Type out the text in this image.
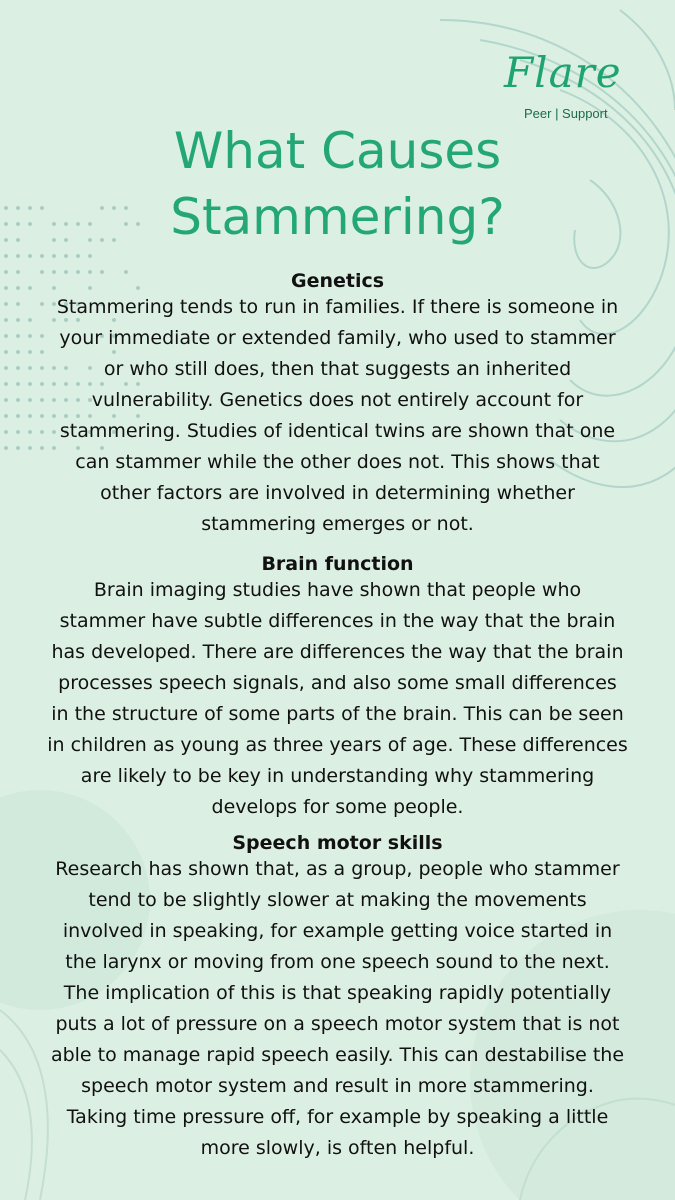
Flare
Peer | Support
What Causes
Stammering?
Genetics
Stammering tends to run in families. If there is someone in
your immediate or extended family, who used to stammer
or who still does, then that suggests an inherited
vulnerability. Genetics does not entirely account for
stammering. Studies of identical twins are shown that one
can stammer while the other does not. This shows that
other factors are involved in determining whether
stammering emerges or not.
Brain function
Brain imaging studies have shown that people who
stammer have subtle differences in the way that the brain
has developed. There are differences the way that the brain
processes speech signals, and also some small differences
in the structure of some parts of the brain. This can be seen
in children as young as three years of age. These differences
are likely to be key in understanding why stammering
develops for some people.
Speech motor skills
Research has shown that, as a group, people who stammer
tend to be slightly slower at making the movements
involved in speaking, for example getting voice started in
the larynx or moving from one speech sound to the next.
The implication of this is that speaking rapidly potentially
puts a lot of pressure on a speech motor system that is not
able to manage rapid speech easily. This can destabilise the
speech motor system and result in more stammering.
Taking time pressure off, for example by speaking a little
more slowly, is often helpful.
